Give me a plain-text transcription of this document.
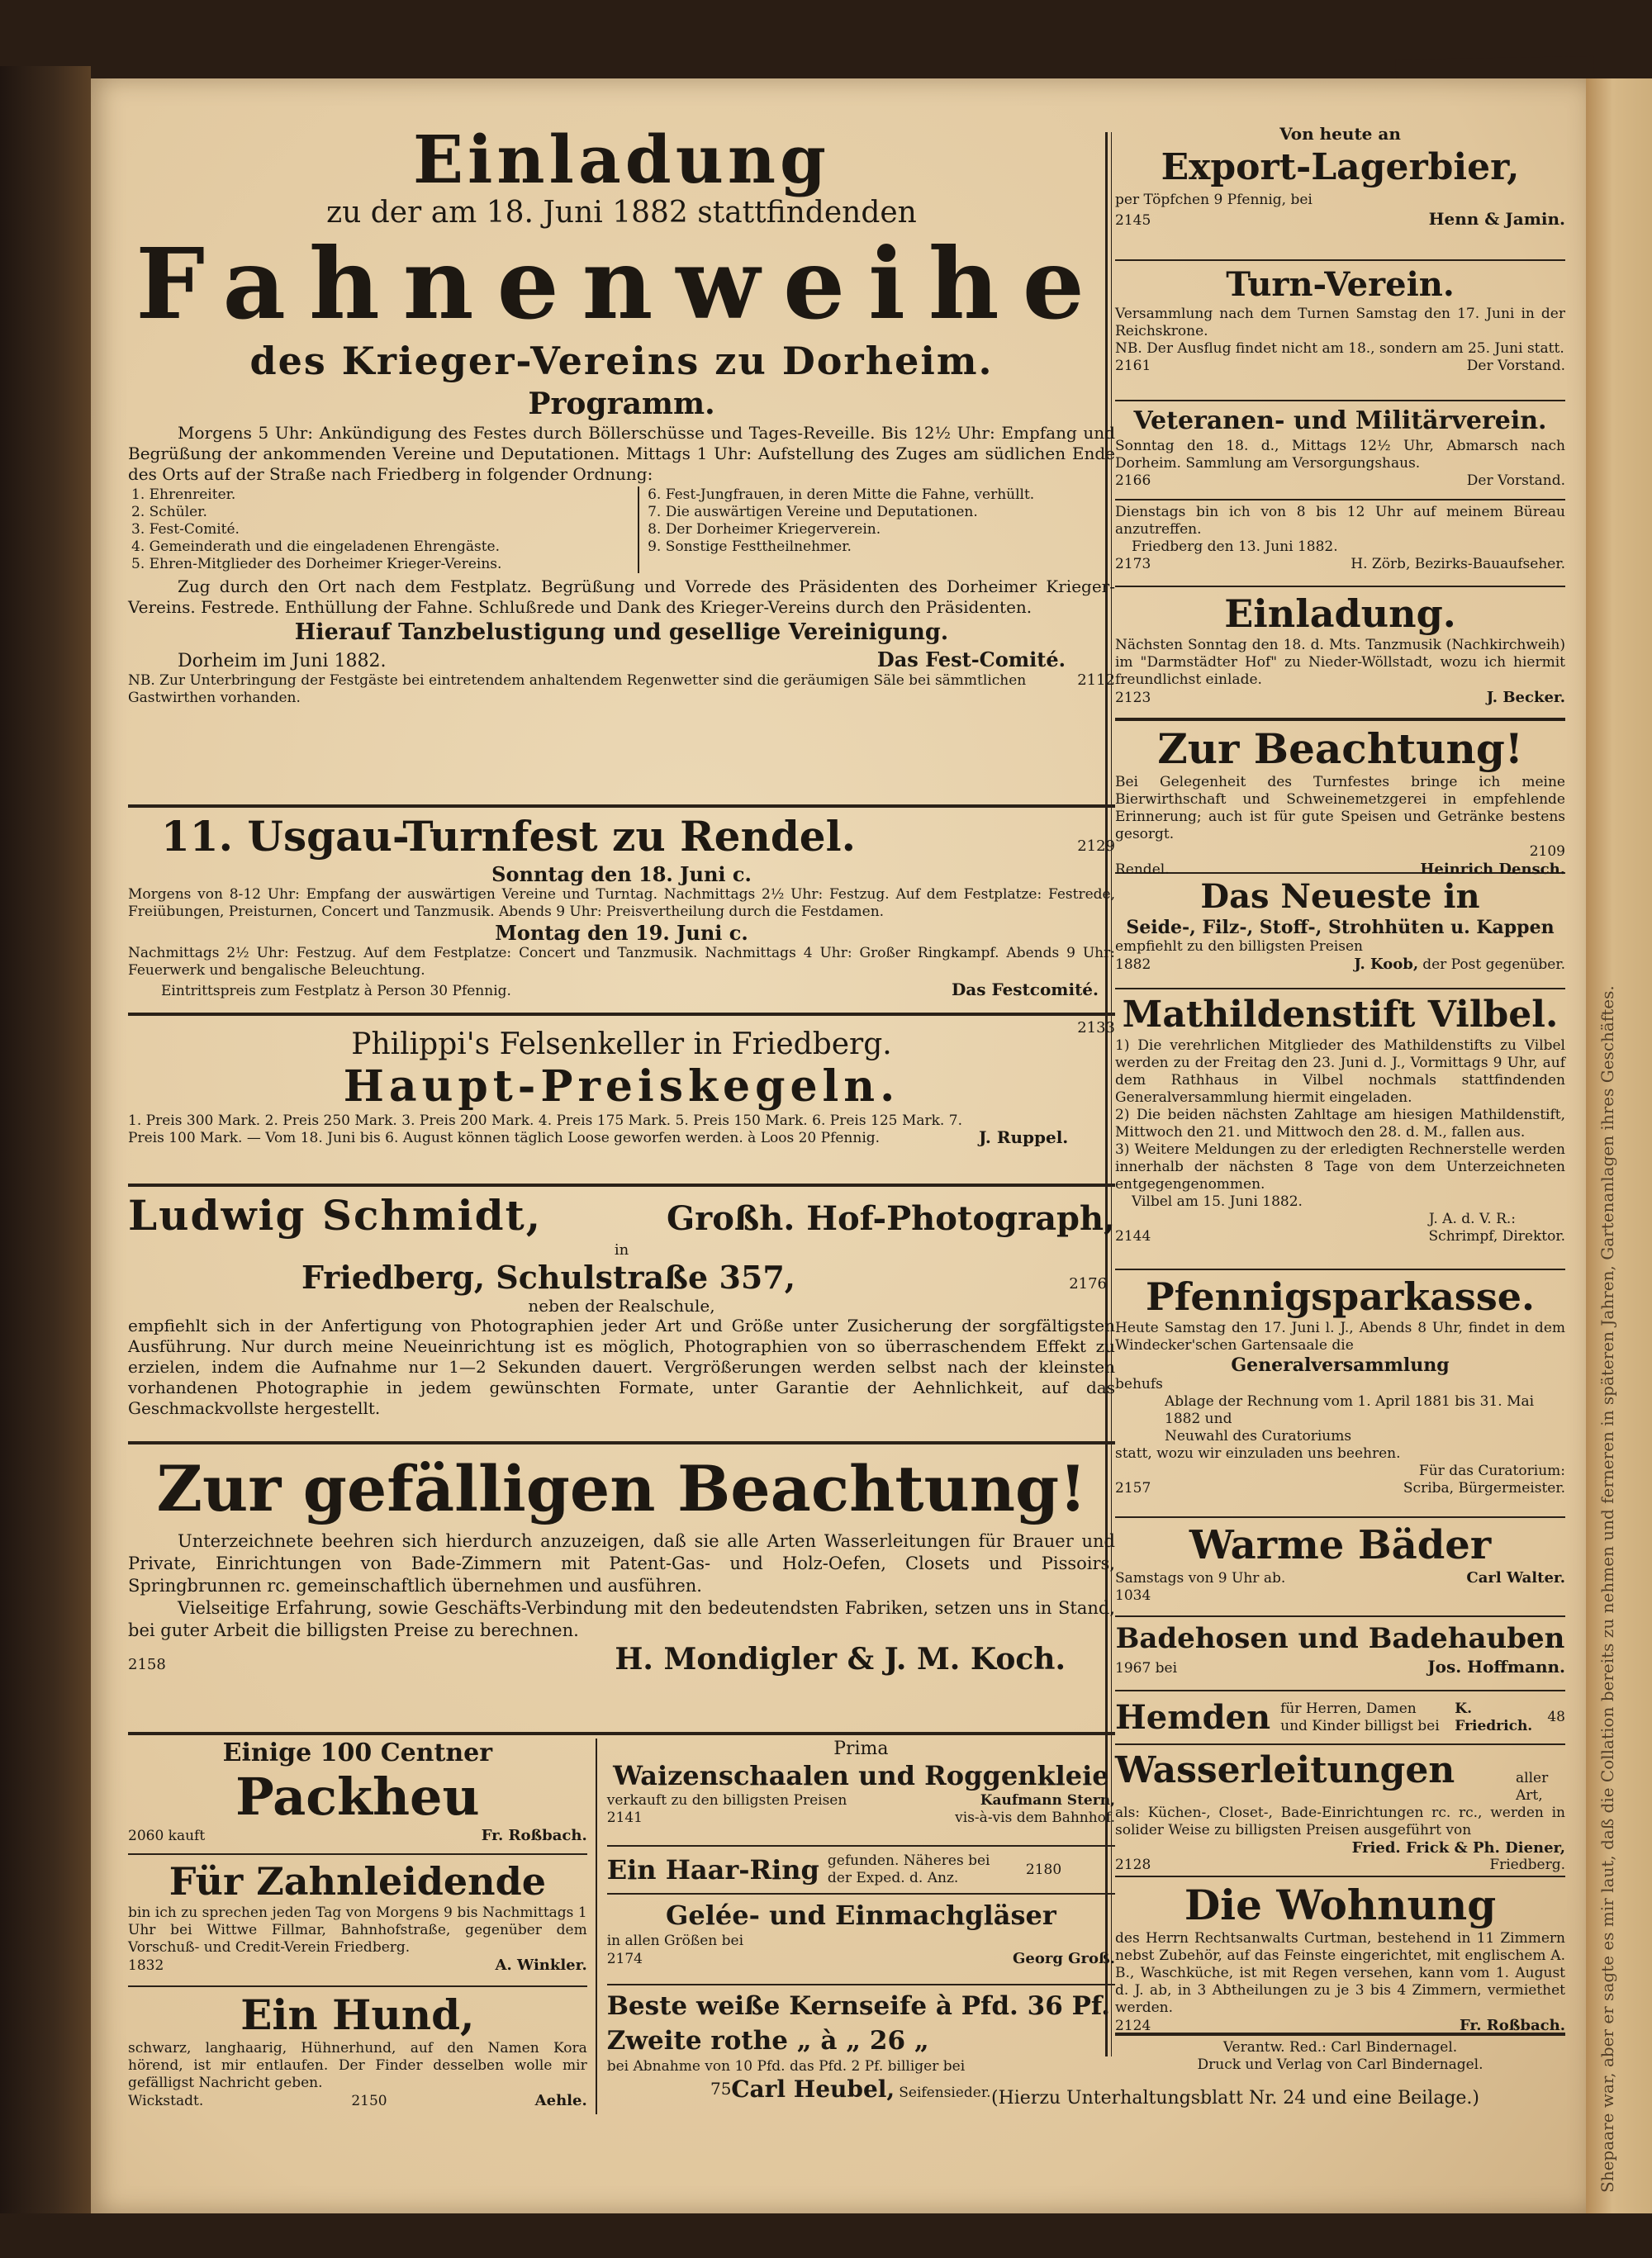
Shepaare war, aber er sagte es mir laut, daß die Collation bereits zu nehmen und ferneren in späteren Jahren, Gartenanlagen ihres Geschäftes.
Einladung
zu der am 18. Juni 1882 stattfindenden
Fahnenweihe
des Krieger-Vereins zu Dorheim.
Programm.

Morgens 5 Uhr: Ankündigung des Festes durch Böllerschüsse und Tages-Reveille. Bis 12½ Uhr: Empfang und Begrüßung der ankommenden Vereine und Deputationen. Mittags 1 Uhr: Aufstellung des Zuges am südlichen Ende des Orts auf der Straße nach Friedberg in folgender Ordnung:

1. Ehrenreiter.
2. Schüler.
3. Fest-Comité.
4. Gemeinderath und die eingeladenen Ehrengäste.
5. Ehren-Mitglieder des Dorheimer Krieger-Vereins.
6. Fest-Jungfrauen, in deren Mitte die Fahne, verhüllt.
7. Die auswärtigen Vereine und Deputationen.
8. Der Dorheimer Kriegerverein.
9. Sonstige Festtheilnehmer.

Zug durch den Ort nach dem Festplatz. Begrüßung und Vorrede des Präsidenten des Dorheimer Krieger-Vereins. Festrede. Enthüllung der Fahne. Schlußrede und Dank des Krieger-Vereins durch den Präsidenten.

Hierauf Tanzbelustigung und gesellige Vereinigung.
Dorheim im Juni 1882.	Das Fest-Comité.

NB. Zur Unterbringung der Festgäste bei eintretendem anhaltendem Regenwetter sind die geräumigen Säle bei sämmtlichen Gastwirthen vorhanden.

2112
11. Usgau-Turnfest zu Rendel.	2129
Sonntag den 18. Juni c.

Morgens von 8-12 Uhr: Empfang der auswärtigen Vereine und Turntag. Nachmittags 2½ Uhr: Festzug. Auf dem Festplatze: Festrede, Freiübungen, Preisturnen, Concert und Tanzmusik. Abends 9 Uhr: Preisvertheilung durch die Festdamen.

Montag den 19. Juni c.

Nachmittags 2½ Uhr: Festzug. Auf dem Festplatze: Concert und Tanzmusik. Nachmittags 4 Uhr: Großer Ringkampf. Abends 9 Uhr: Feuerwerk und bengalische Beleuchtung.

Eintrittspreis zum Festplatz à Person 30 Pfennig.	Das Festcomité.
2133
Philippi's Felsenkeller in Friedberg.
Haupt-Preiskegeln.

1. Preis 300 Mark. 2. Preis 250 Mark. 3. Preis 200 Mark. 4. Preis 175 Mark. 5. Preis 150 Mark. 6. Preis 125 Mark. 7. Preis 100 Mark. — Vom 18. Juni bis 6. August können täglich Loose geworfen werden. à Loos 20 Pfennig.	J. Ruppel.
Ludwig Schmidt,	Großh. Hof-Photograph,
in
Friedberg, Schulstraße 357,	2176
neben der Realschule,

empfiehlt sich in der Anfertigung von Photographien jeder Art und Größe unter Zusicherung der sorgfältigsten Ausführung. Nur durch meine Neueinrichtung ist es möglich, Photographien von so überraschendem Effekt zu erzielen, indem die Aufnahme nur 1—2 Sekunden dauert. Vergrößerungen werden selbst nach der kleinsten vorhandenen Photographie in jedem gewünschten Formate, unter Garantie der Aehnlichkeit, auf das Geschmackvollste hergestellt.

Zur gefälligen Beachtung!

Unterzeichnete beehren sich hierdurch anzuzeigen, daß sie alle Arten Wasserleitungen für Brauer und Private, Einrichtungen von Bade-Zimmern mit Patent-Gas- und Holz-Oefen, Closets und Pissoirs, Springbrunnen rc. gemeinschaftlich übernehmen und ausführen.

Vielseitige Erfahrung, sowie Geschäfts-Verbindung mit den bedeutendsten Fabriken, setzen uns in Stand, bei guter Arbeit die billigsten Preise zu berechnen.

2158	H. Mondigler & J. M. Koch.
Einige 100 Centner
Packheu
2060 kauft	Fr. Roßbach.
Für Zahnleidende

bin ich zu sprechen jeden Tag von Morgens 9 bis Nachmittags 1 Uhr bei Wittwe Fillmar, Bahnhofstraße, gegenüber dem Vorschuß- und Credit-Verein Friedberg.

1832	A. Winkler.
Ein Hund,

schwarz, langhaarig, Hühnerhund, auf den Namen Kora hörend, ist mir entlaufen. Der Finder desselben wolle mir gefälligst Nachricht geben.

Wickstadt.	2150	Aehle.
Prima
Waizenschaalen und Roggenkleie
verkauft zu den billigsten Preisen	Kaufmann Stern,
2141	vis-à-vis dem Bahnhof.
Ein Haar-Ring gefunden. Näheres bei der Exped. d. Anz.
2180
Gelée- und Einmachgläser
in allen Größen bei
2174	Georg Groß.
Beste weiße Kernseife à Pfd. 36 Pf.
Zweite rothe „ à „ 26 „
bei Abnahme von 10 Pfd. das Pfd. 2 Pf. billiger bei
Carl Heubel, Seifensieder.
75
Von heute an
Export-Lagerbier,
per Töpfchen 9 Pfennig, bei
2145	Henn & Jamin.
Turn-Verein.

Versammlung nach dem Turnen Samstag den 17. Juni in der Reichskrone.

NB. Der Ausflug findet nicht am 18., sondern am 25. Juni statt.

2161	Der Vorstand.
Veteranen- und Militärverein.

Sonntag den 18. d., Mittags 12½ Uhr, Abmarsch nach Dorheim. Sammlung am Versorgungshaus.

2166	Der Vorstand.

Dienstags bin ich von 8 bis 12 Uhr auf meinem Büreau anzutreffen.

Friedberg den 13. Juni 1882.
2173	H. Zörb, Bezirks-Bauaufseher.
Einladung.

Nächsten Sonntag den 18. d. Mts. Tanzmusik (Nachkirchweih) im "Darmstädter Hof" zu Nieder-Wöllstadt, wozu ich hiermit freundlichst einlade.

2123	J. Becker.
Zur Beachtung!

Bei Gelegenheit des Turnfestes bringe ich meine Bierwirthschaft und Schweinemetzgerei in empfehlende Erinnerung; auch ist für gute Speisen und Getränke bestens gesorgt.

2109
Rendel.	Heinrich Densch.
Das Neueste in
Seide-, Filz-, Stoff-, Strohhüten u. Kappen
empfiehlt zu den billigsten Preisen
1882	J. Koob, der Post gegenüber.
Mathildenstift Vilbel.

1) Die verehrlichen Mitglieder des Mathildenstifts zu Vilbel werden zu der Freitag den 23. Juni d. J., Vormittags 9 Uhr, auf dem Rathhaus in Vilbel nochmals stattfindenden Generalversammlung hiermit eingeladen.

2) Die beiden nächsten Zahltage am hiesigen Mathildenstift, Mittwoch den 21. und Mittwoch den 28. d. M., fallen aus.

3) Weitere Meldungen zu der erledigten Rechnerstelle werden innerhalb der nächsten 8 Tage von dem Unterzeichneten entgegengenommen.

Vilbel am 15. Juni 1882.
J. A. d. V. R.:
2144	Schrimpf, Direktor.
Pfennigsparkasse.

Heute Samstag den 17. Juni l. J., Abends 8 Uhr, findet in dem Windecker'schen Gartensaale die

Generalversammlung
behufs
Ablage der Rechnung vom 1. April 1881 bis 31. Mai 1882 und
Neuwahl des Curatoriums
statt, wozu wir einzuladen uns beehren.
Für das Curatorium:
2157	Scriba, Bürgermeister.
Warme Bäder
Samstags von 9 Uhr ab.	Carl Walter.
1034
Badehosen und Badehauben
1967 bei	Jos. Hoffmann.
Hemden für Herren, Damen und Kinder billigst bei
K. Friedrich.
48
Wasserleitungen	aller Art,

als: Küchen-, Closet-, Bade-Einrichtungen rc. rc., werden in solider Weise zu billigsten Preisen ausgeführt von

Fried. Frick & Ph. Diener,
2128	Friedberg.
Die Wohnung

des Herrn Rechtsanwalts Curtman, bestehend in 11 Zimmern nebst Zubehör, auf das Feinste eingerichtet, mit englischem A. B., Waschküche, ist mit Regen versehen, kann vom 1. August d. J. ab, in 3 Abtheilungen zu je 3 bis 4 Zimmern, vermiethet werden.

2124	Fr. Roßbach.
Verantw. Red.: Carl Bindernagel.
Druck und Verlag von Carl Bindernagel.
(Hierzu Unterhaltungsblatt Nr. 24 und eine Beilage.)
